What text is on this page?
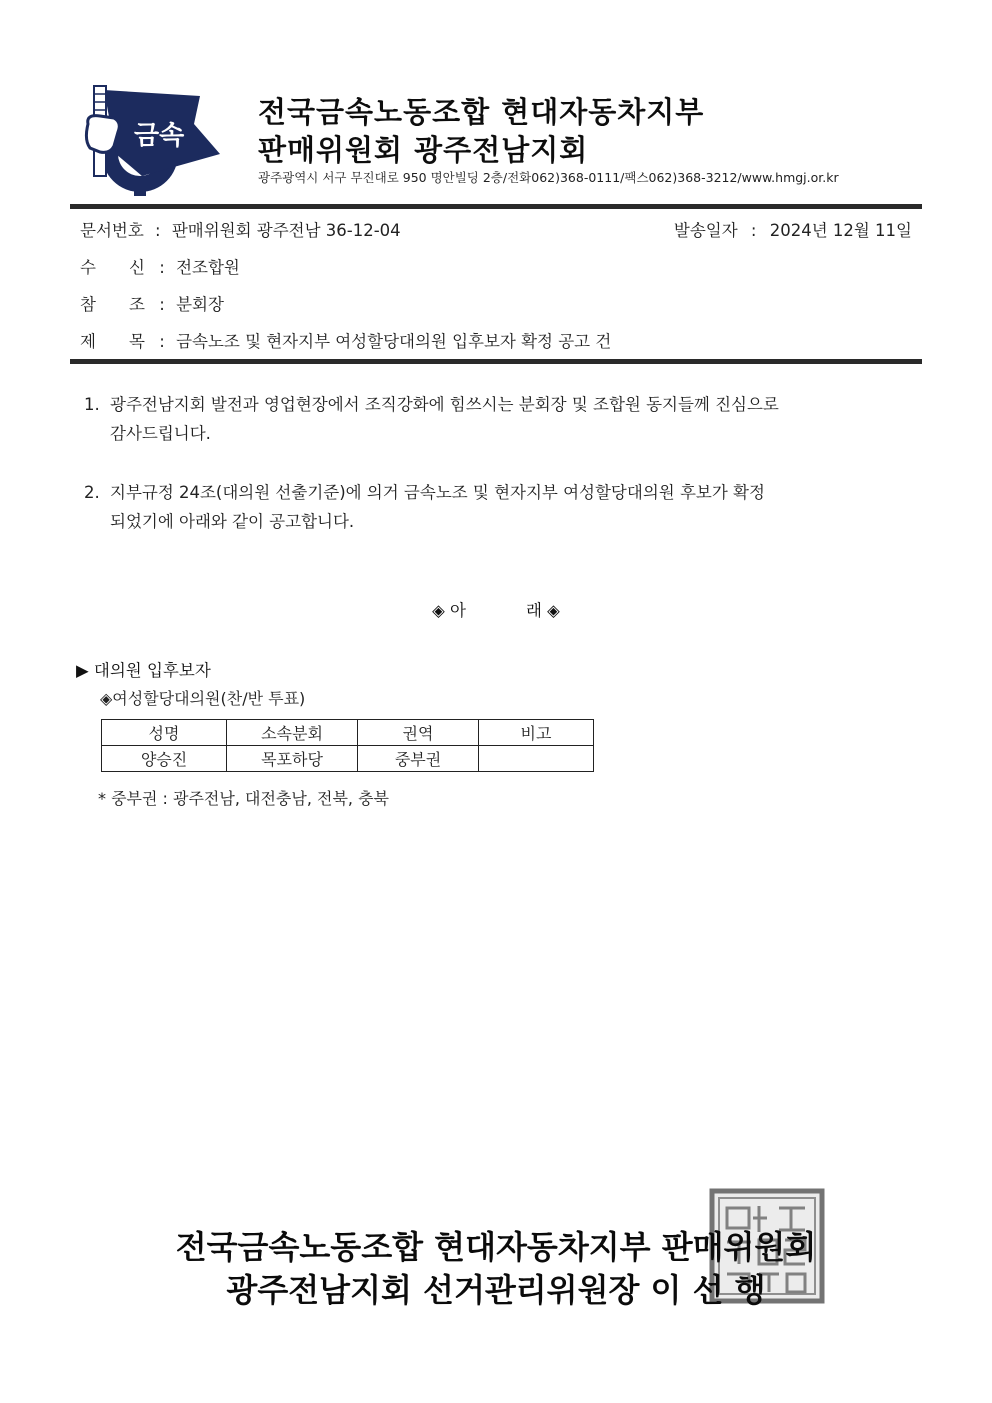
금속
전국금속노동조합 현대자동차지부
판매위원회 광주전남지회
광주광역시 서구 무진대로 950 명안빌딩 2층/전화062)368-0111/팩스062)368-3212/www.hmgj.or.kr
문서번호 : 판매위원회 광주전남 36-12-04	발송일자 : 2024년 12월 11일
수　　신 : 전조합원
참　　조 : 분회장
제　　목 : 금속노조 및 현자지부 여성할당대의원 입후보자 확정 공고 건
1. 광주전남지회 발전과 영업현장에서 조직강화에 힘쓰시는 분회장 및 조합원 동지들께 진심으로
감사드립니다.
2. 지부규정 24조(대의원 선출기준)에 의거 금속노조 및 현자지부 여성할당대의원 후보가 확정
되었기에 아래와 같이 공고합니다.
◈ 아	래 ◈
▶ 대의원 입후보자
◈여성할당대의원(찬/반 투표)
성명	소속분회	권역	비고
양승진	목포하당	중부권	
* 중부권 : 광주전남, 대전충남, 전북, 충북
전국금속노동조합 현대자동차지부 판매위원회
광주전남지회 선거관리위원장 이 선 행
